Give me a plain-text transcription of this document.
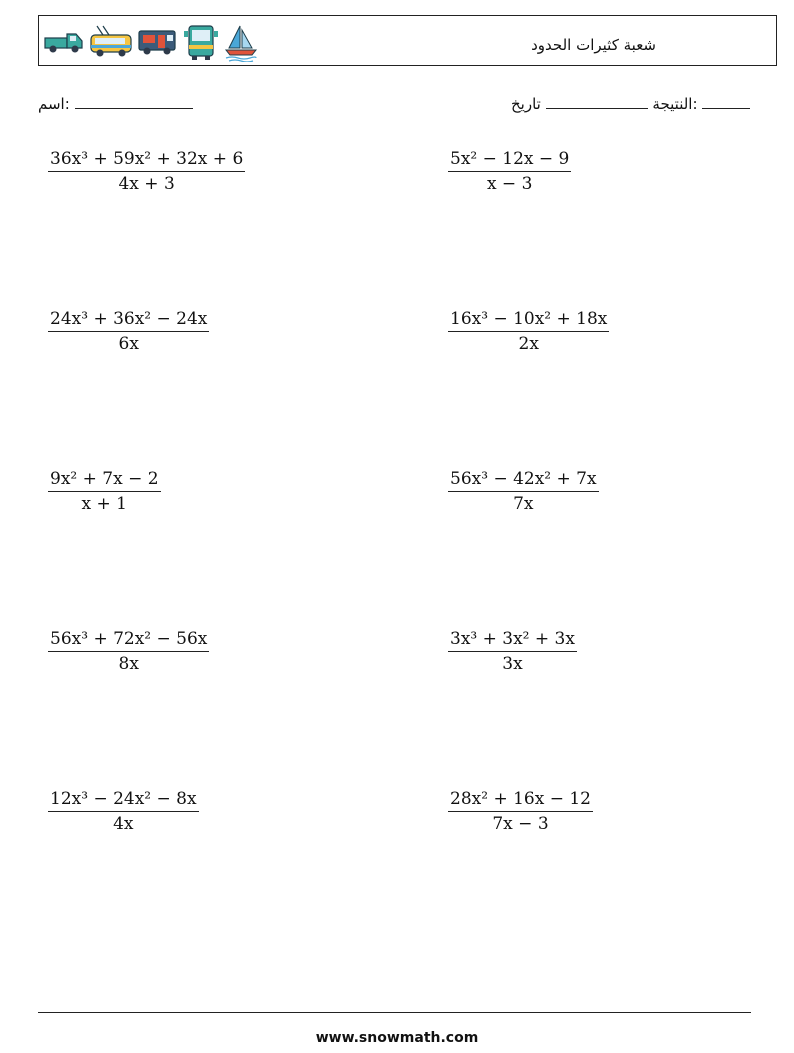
شعبة كثيرات الحدود
اسم:	النتيجة  تاريخ:
$\frac{\text{36x³ + 59x² + 32x + 6}}{4x + 3}$	$\frac{\text{5x² − 12x − 9}}{x - 3}$
$\frac{\text{24x³ + 36x² − 24x}}{6x}$	$\frac{\text{16x³ − 10x² + 18x}}{2x}$
$\frac{\text{9x² + 7x − 2}}{x + 1}$	$\frac{\text{56x³ − 42x² + 7x}}{7x}$
$\frac{\text{56x³ + 72x² − 56x}}{8x}$	$\frac{\text{3x³ + 3x² + 3x}}{3x}$
$\frac{\text{12x³ − 24x² − 8x}}{4x}$	$\frac{\text{28x² + 16x − 12}}{7x - 3}$
www.snowmath.com
